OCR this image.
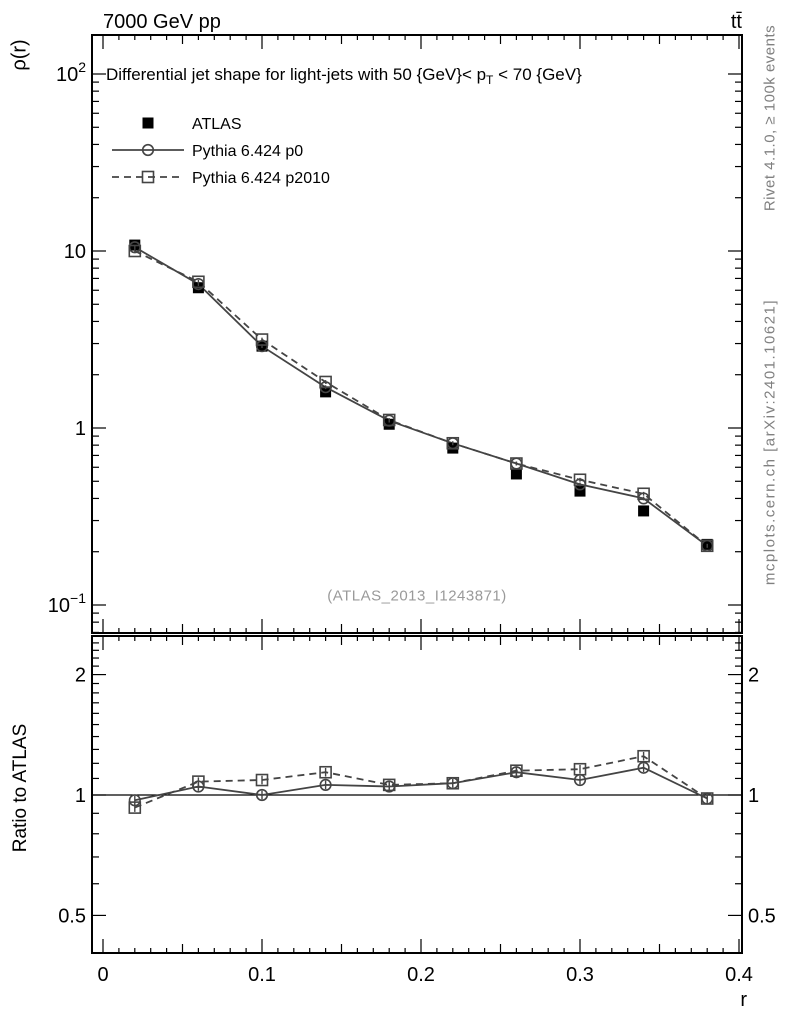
$10^2$
10
1
$10^{-1}$
2	2
1	1
0.5	0.5
0	0.1	0.2	0.3	0.4
r
ATLAS
Pythia 6.424 p0
Pythia 6.424 p2010
7000 GeV pp	tt̄
Differential jet shape for light-jets with 50 $\{GeV\}< p_T < 70$ {GeV}
ρ(r)
Ratio to ATLAS
Rivet 4.1.0, ≥ 100k events
mcplots.cern.ch [arXiv:2401.10621]
(ATLAS_2013_I1243871)
